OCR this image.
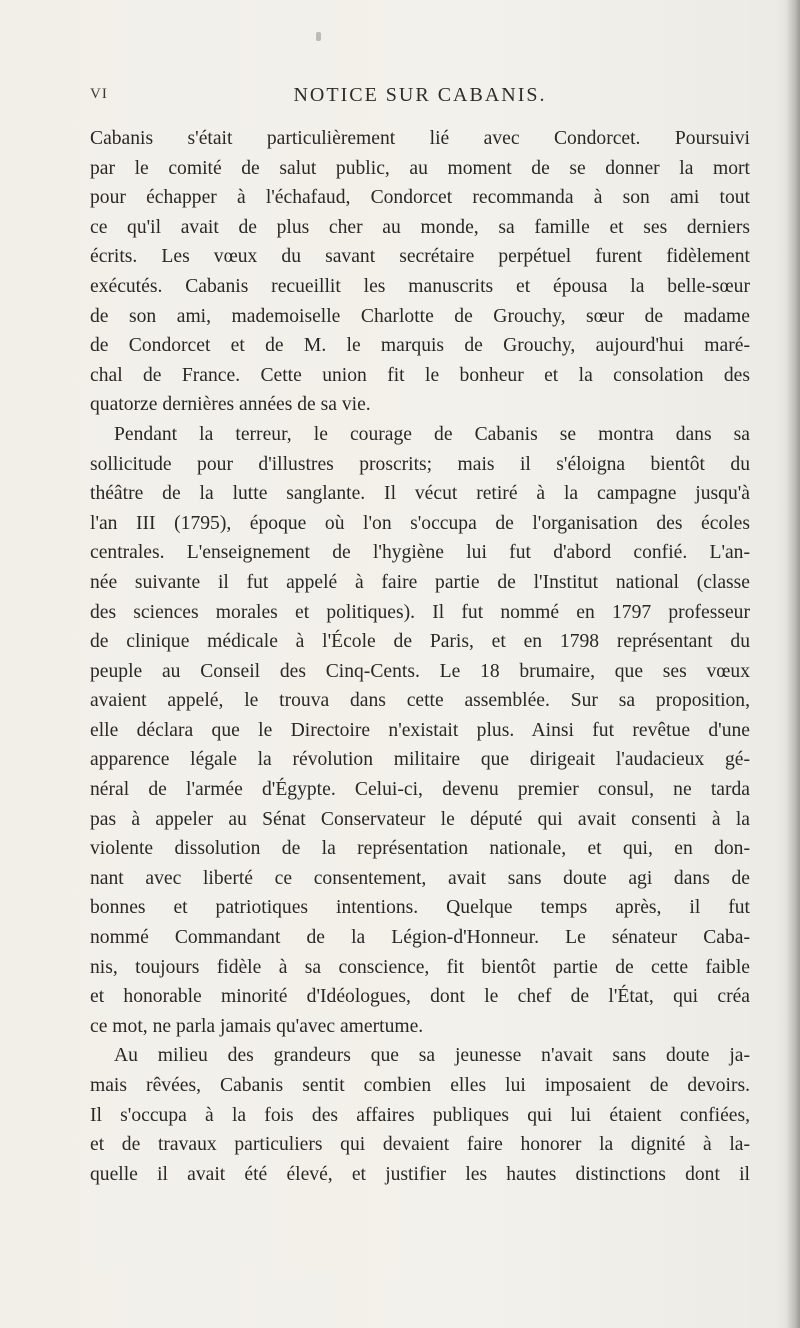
VI	NOTICE SUR CABANIS.
Cabanis s'était particulièrement lié avec Condorcet. Poursuivi
par le comité de salut public, au moment de se donner la mort
pour échapper à l'échafaud, Condorcet recommanda à son ami tout
ce qu'il avait de plus cher au monde, sa famille et ses derniers
écrits. Les vœux du savant secrétaire perpétuel furent fidèlement
exécutés. Cabanis recueillit les manuscrits et épousa la belle-sœur
de son ami, mademoiselle Charlotte de Grouchy, sœur de madame
de Condorcet et de M. le marquis de Grouchy, aujourd'hui maré-
chal de France. Cette union fit le bonheur et la consolation des
quatorze dernières années de sa vie.
Pendant la terreur, le courage de Cabanis se montra dans sa
sollicitude pour d'illustres proscrits; mais il s'éloigna bientôt du
théâtre de la lutte sanglante. Il vécut retiré à la campagne jusqu'à
l'an III (1795), époque où l'on s'occupa de l'organisation des écoles
centrales. L'enseignement de l'hygiène lui fut d'abord confié. L'an-
née suivante il fut appelé à faire partie de l'Institut national (classe
des sciences morales et politiques). Il fut nommé en 1797 professeur
de clinique médicale à l'École de Paris, et en 1798 représentant du
peuple au Conseil des Cinq-Cents. Le 18 brumaire, que ses vœux
avaient appelé, le trouva dans cette assemblée. Sur sa proposition,
elle déclara que le Directoire n'existait plus. Ainsi fut revêtue d'une
apparence légale la révolution militaire que dirigeait l'audacieux gé-
néral de l'armée d'Égypte. Celui-ci, devenu premier consul, ne tarda
pas à appeler au Sénat Conservateur le député qui avait consenti à la
violente dissolution de la représentation nationale, et qui, en don-
nant avec liberté ce consentement, avait sans doute agi dans de
bonnes et patriotiques intentions. Quelque temps après, il fut
nommé Commandant de la Légion-d'Honneur. Le sénateur Caba-
nis, toujours fidèle à sa conscience, fit bientôt partie de cette faible
et honorable minorité d'Idéologues, dont le chef de l'État, qui créa
ce mot, ne parla jamais qu'avec amertume.
Au milieu des grandeurs que sa jeunesse n'avait sans doute ja-
mais rêvées, Cabanis sentit combien elles lui imposaient de devoirs.
Il s'occupa à la fois des affaires publiques qui lui étaient confiées,
et de travaux particuliers qui devaient faire honorer la dignité à la-
quelle il avait été élevé, et justifier les hautes distinctions dont il
